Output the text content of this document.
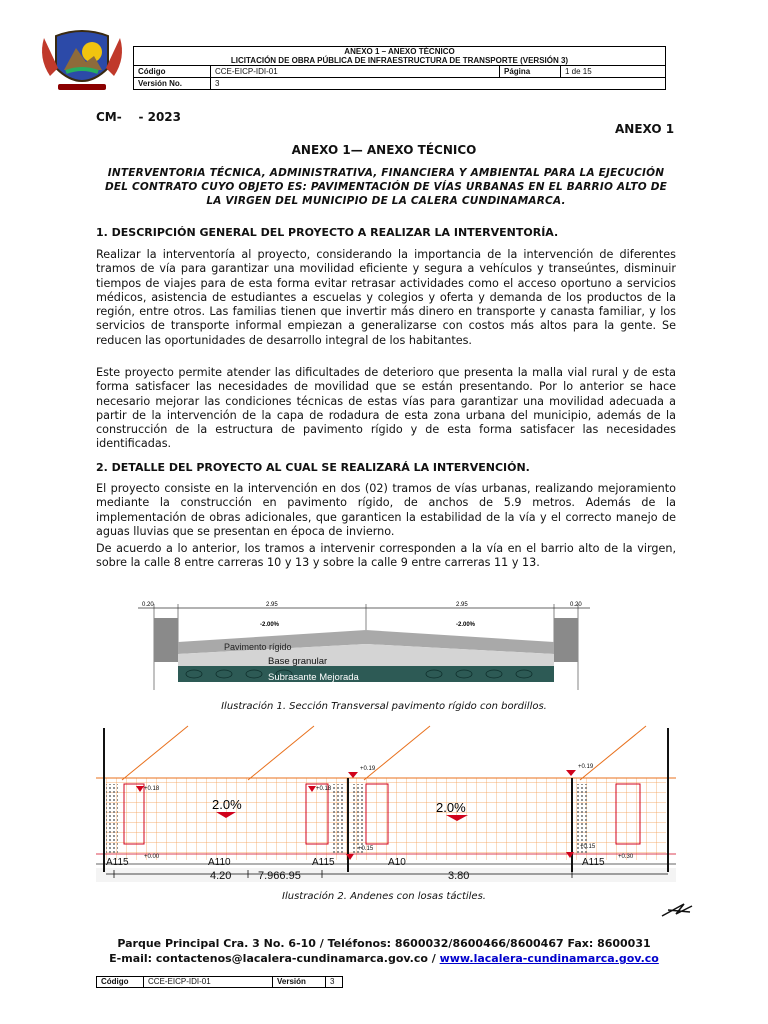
ANEXO 1 – ANEXO TÉCNICO
LICITACIÓN DE OBRA PÚBLICA DE INFRAESTRUCTURA DE TRANSPORTE (VERSIÓN 3)			

Código	CCE-EICP-IDI-01	Página	1 de 15
Versión No.	3		
CM-    - 2023
ANEXO 1
ANEXO 1— ANEXO TÉCNICO
INTERVENTORIA TÉCNICA, ADMINISTRATIVA, FINANCIERA Y AMBIENTAL PARA LA EJECUCIÓN DEL CONTRATO CUYO OBJETO ES: PAVIMENTACIÓN DE VÍAS URBANAS EN EL BARRIO ALTO DE LA VIRGEN DEL MUNICIPIO DE LA CALERA CUNDINAMARCA.
1. DESCRIPCIÓN GENERAL DEL PROYECTO A REALIZAR LA INTERVENTORÍA.
Realizar la interventoría al proyecto, considerando la importancia de la intervención de diferentes tramos de vía para garantizar una movilidad eficiente y segura a vehículos y transeúntes, disminuir tiempos de viajes para de esta forma evitar retrasar actividades como el acceso oportuno a servicios médicos, asistencia de estudiantes a escuelas y colegios y oferta y demanda de los productos de la región, entre otros. Las familias tienen que invertir más dinero en transporte y canasta familiar, y los servicios de transporte informal empiezan a generalizarse con costos más altos para la gente. Se reducen las oportunidades de desarrollo integral de los habitantes.
Este proyecto permite atender las dificultades de deterioro que presenta la malla vial rural y de esta forma satisfacer las necesidades de movilidad que se están presentando. Por lo anterior se hace necesario mejorar las condiciones técnicas de estas vías para garantizar una movilidad adecuada a partir de la intervención de la capa de rodadura de esta zona urbana del municipio, además de la construcción de la estructura de pavimento rígido y de esta forma satisfacer las necesidades identificadas.
2. DETALLE DEL PROYECTO AL CUAL SE REALIZARÁ LA INTERVENCIÓN.
El proyecto consiste en la intervención en dos (02) tramos de vías urbanas, realizando mejoramiento mediante la construcción en pavimento rígido, de anchos de 5.9 metros. Además de la implementación de obras adicionales, que garanticen la estabilidad de la vía y el correcto manejo de aguas lluvias que se presentan en época de invierno.
De acuerdo a lo anterior, los tramos a intervenir corresponden a la vía en el barrio alto de la virgen, sobre la calle 8 entre carreras 10 y 13 y sobre la calle 9 entre carreras 11 y 13.
0.20	2.95	2.95	0.20
-2.00%	-2.00%
Pavimento rígido
Base granular
Subrasante Mejorada
Ilustración 1. Sección Transversal pavimento rígido con bordillos.
2.0%	2.0%
+0.18	+0.18
+0.19	+0.19
+0.15	+0.15
+0.00	+0.30
A115	A110	A115	A10	A115
4.20 7.966.95	3.80
Ilustración 2. Andenes con losas táctiles.
Parque Principal Cra. 3 No. 6-10 / Teléfonos: 8600032/8600466/8600467 Fax: 8600031
E-mail: contactenos@lacalera-cundinamarca.gov.co / www.lacalera-cundinamarca.gov.co
Código	CCE-EICP-IDI-01	Versión	3
